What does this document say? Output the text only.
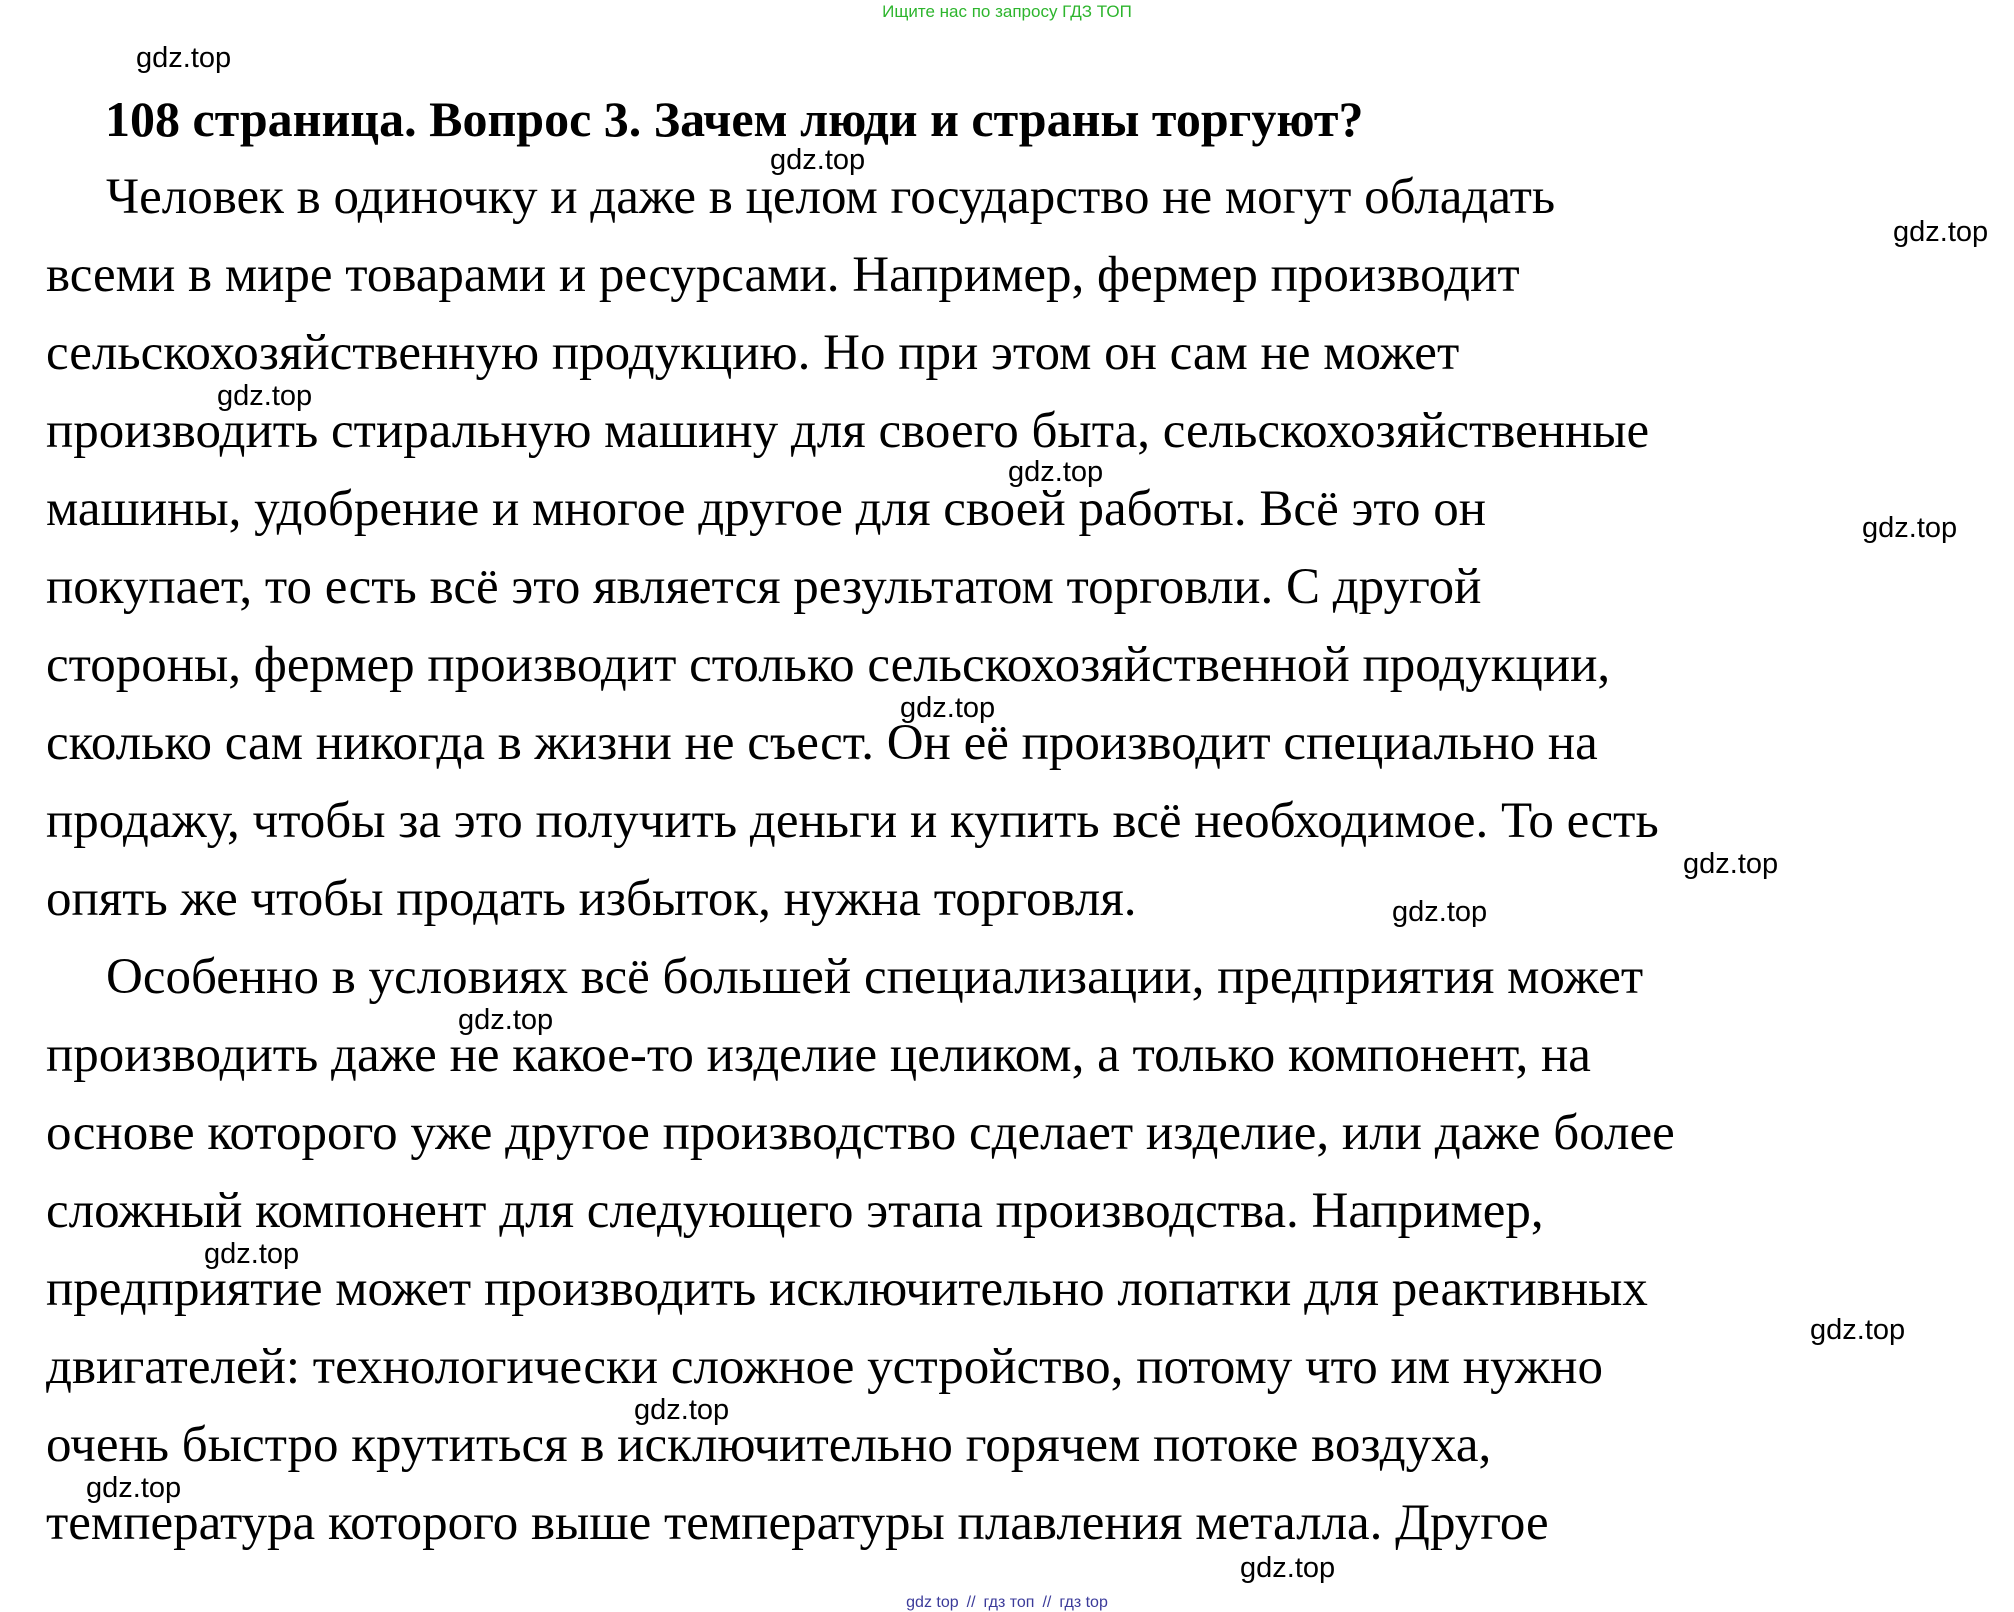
Ищите нас по запросу ГДЗ ТОП
gdz.top
108 страница. Вопрос 3. Зачем люди и страны торгуют?
gdz.top
gdz.top
Человек в одиночку и даже в целом государство не могут обладать
всеми в мире товарами и ресурсами. Например, фермер производит
сельскохозяйственную продукцию. Но при этом он сам не может
gdz.top
производить стиральную машину для своего быта, сельскохозяйственные
gdz.top
машины, удобрение и многое другое для своей работы. Всё это он	gdz.top
покупает, то есть всё это является результатом торговли. С другой
стороны, фермер производит столько сельскохозяйственной продукции,
gdz.top
сколько сам никогда в жизни не съест. Он её производит специально на
продажу, чтобы за это получить деньги и купить всё необходимое. То есть
gdz.top
опять же чтобы продать избыток, нужна торговля.	gdz.top
Особенно в условиях всё большей специализации, предприятия может
gdz.top
производить даже не какое-то изделие целиком, а только компонент, на
основе которого уже другое производство сделает изделие, или даже более
сложный компонент для следующего этапа производства. Например,
gdz.top
предприятие может производить исключительно лопатки для реактивных
gdz.top
двигателей: технологически сложное устройство, потому что им нужно
gdz.top
очень быстро крутиться в исключительно горячем потоке воздуха,
gdz.top
температура которого выше температуры плавления металла. Другое
gdz.top
gdz top // гдз топ // гдз top
